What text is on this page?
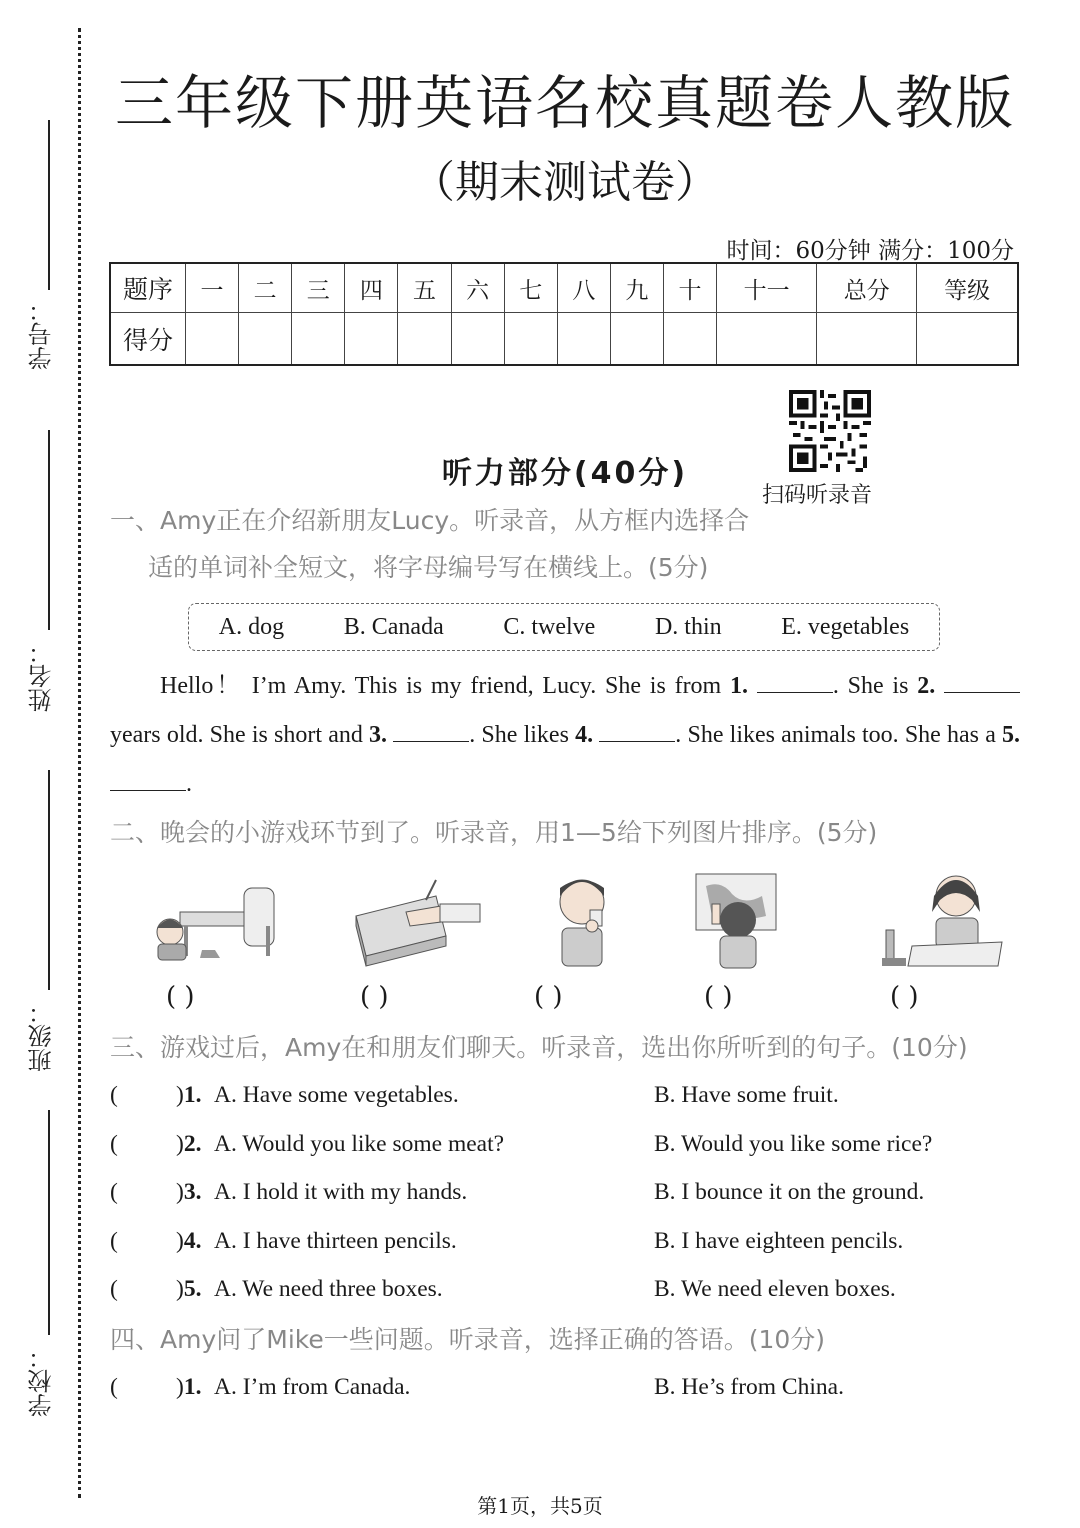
学号：
姓名：
班级：
学校：
三年级下册英语名校真题卷人教版
（期末测试卷）
时间：60分钟 满分：100分
题序	一	二	三	四	五	六	七	八	九	十	十一	总分	等级
得分													
扫码听录音
听力部分(40分)
一、Amy正在介绍新朋友Lucy。听录音，从方框内选择合
适的单词补全短文，将字母编号写在横线上。(5分)
A. dog B. Canada C. twelve D. thin E. vegetables
Hello！ I’m Amy. This is my friend, Lucy. She is from 1.	. She is 2.  years old. She is short and 3.	. She likes 4.	. She likes animals too. She has a 5. .
二、晚会的小游戏环节到了。听录音，用1—5给下列图片排序。(5分)
( )	( )	( )	( )	( )
三、游戏过后，Amy在和朋友们聊天。听录音，选出你所听到的句子。(10分)
( )1. A. Have some vegetables.	B. Have some fruit.
( )2. A. Would you like some meat?	B. Would you like some rice?
( )3. A. I hold it with my hands.	B. I bounce it on the ground.
( )4. A. I have thirteen pencils.	B. I have eighteen pencils.
( )5. A. We need three boxes.	B. We need eleven boxes.
四、Amy问了Mike一些问题。听录音，选择正确的答语。(10分)
( )1. A. I’m from Canada.	B. He’s from China.
第1页，共5页
